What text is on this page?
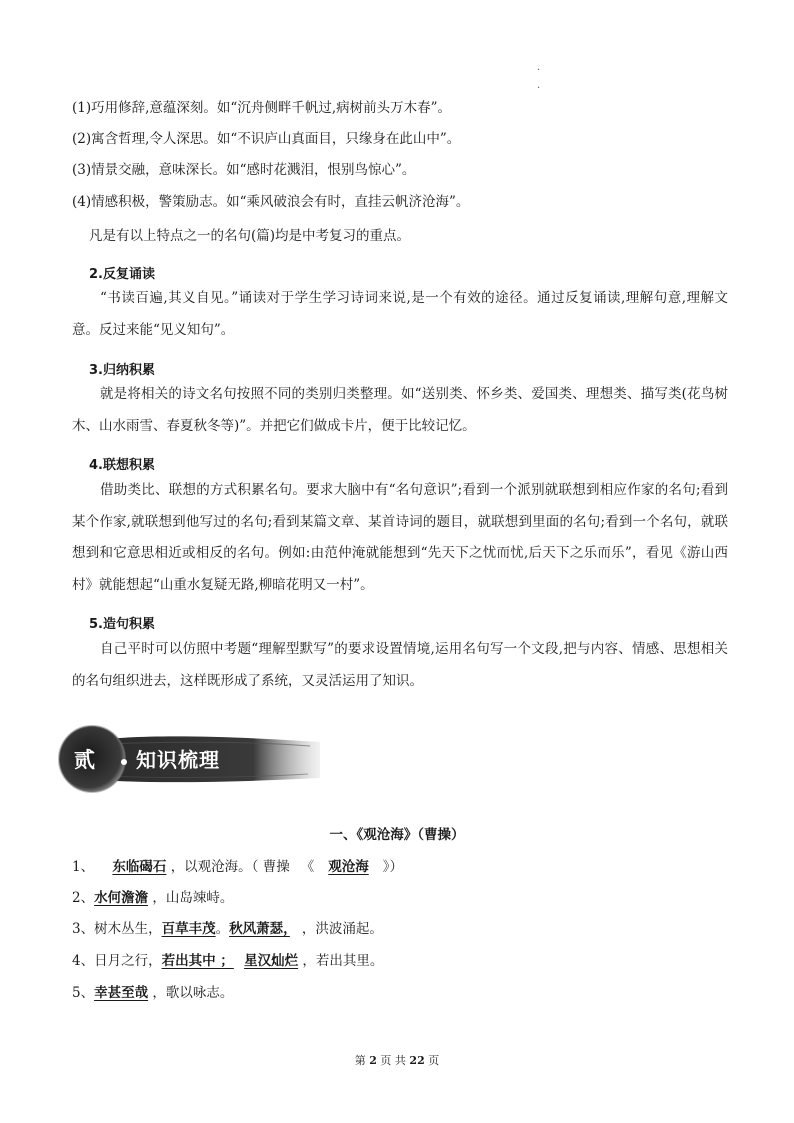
.
.
(1)巧用修辞,意蕴深刻。如“沉舟侧畔千帆过,病树前头万木春”。
(2)寓含哲理,令人深思。如“不识庐山真面目，只缘身在此山中”。
(3)情景交融，意味深长。如“感时花溅泪，恨别鸟惊心”。
(4)情感积极，警策励志。如“乘风破浪会有时，直挂云帆济沧海”。
凡是有以上特点之一的名句(篇)均是中考复习的重点。
2.反复诵读
“书读百遍,其义自见。”诵读对于学生学习诗词来说,是一个有效的途径。通过反复诵读,理解句意,理解文意。反过来能“见义知句”。
3.归纳积累
就是将相关的诗文名句按照不同的类别归类整理。如“送别类、怀乡类、爱国类、理想类、描写类(花鸟树木、山水雨雪、春夏秋冬等)”。并把它们做成卡片，便于比较记忆。
4.联想积累
借助类比、联想的方式积累名句。要求大脑中有“名句意识”;看到一个派别就联想到相应作家的名句;看到某个作家,就联想到他写过的名句;看到某篇文章、某首诗词的题目，就联想到里面的名句;看到一个名句，就联想到和它意思相近或相反的名句。例如:由范仲淹就能想到“先天下之忧而忧,后天下之乐而乐”，看见《游山西村》就能想起“山重水复疑无路,柳暗花明又一村”。
5.造句积累
自己平时可以仿照中考题“理解型默写”的要求设置情境,运用名句写一个文段,把与内容、情感、思想相关的名句组织进去，这样既形成了系统，又灵活运用了知识。
贰 知识梳理
一、《观沧海》（曹操）
1、 东临碣石 ，以观沧海。（ 曹操 　《 观沧海 》）
2、水何澹澹 ，山岛竦峙。
3、树木丛生，百草丰茂。秋风萧瑟， ，洪波涌起。
4、日月之行，若出其中 ； 星汉灿烂 ，若出其里。
5、幸甚至哉 ，歌以咏志。
第 2 页 共 22 页
